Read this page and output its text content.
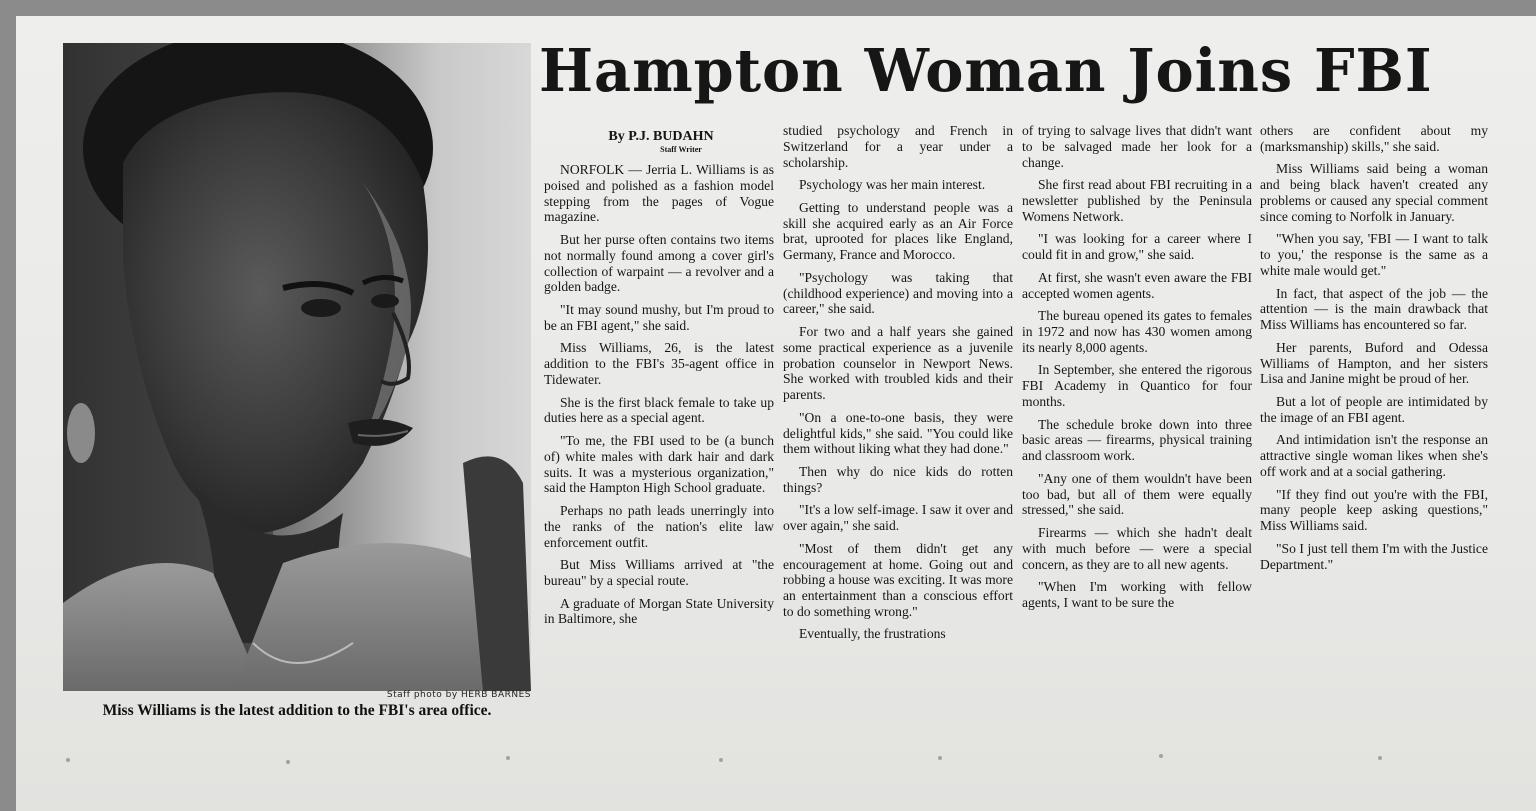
Staff photo by HERB BARNES
Miss Williams is the latest addition to the FBI's area office.
Hampton Woman Joins FBI
By P.J. BUDAHN
Staff Writer

NORFOLK — Jerria L. Williams is as poised and polished as a fashion model stepping from the pages of Vogue magazine.

But her purse often contains two items not normally found among a cover girl's collection of warpaint — a revolver and a golden badge.

"It may sound mushy, but I'm proud to be an FBI agent," she said.

Miss Williams, 26, is the latest addition to the FBI's 35-agent office in Tidewater.

She is the first black female to take up duties here as a special agent.

"To me, the FBI used to be (a bunch of) white males with dark hair and dark suits. It was a mysterious organization," said the Hampton High School graduate.

Perhaps no path leads unerringly into the ranks of the nation's elite law enforcement outfit.

But Miss Williams arrived at "the bureau" by a special route.

A graduate of Morgan State University in Baltimore, she

studied psychology and French in Switzerland for a year under a scholarship.

Psychology was her main interest.

Getting to understand people was a skill she acquired early as an Air Force brat, uprooted for places like England, Germany, France and Morocco.

"Psychology was taking that (childhood experience) and moving into a career," she said.

For two and a half years she gained some practical experience as a juvenile probation counselor in Newport News. She worked with troubled kids and their parents.

"On a one-to-one basis, they were delightful kids," she said. "You could like them without liking what they had done."

Then why do nice kids do rotten things?

"It's a low self-image. I saw it over and over again," she said.

"Most of them didn't get any encouragement at home. Going out and robbing a house was exciting. It was more an entertainment than a conscious effort to do something wrong."

Eventually, the frustrations

of trying to salvage lives that didn't want to be salvaged made her look for a change.

She first read about FBI recruiting in a newsletter published by the Peninsula Womens Network.

"I was looking for a career where I could fit in and grow," she said.

At first, she wasn't even aware the FBI accepted women agents.

The bureau opened its gates to females in 1972 and now has 430 women among its nearly 8,000 agents.

In September, she entered the rigorous FBI Academy in Quantico for four months.

The schedule broke down into three basic areas — firearms, physical training and classroom work.

"Any one of them wouldn't have been too bad, but all of them were equally stressed," she said.

Firearms — which she hadn't dealt with much before — were a special concern, as they are to all new agents.

"When I'm working with fellow agents, I want to be sure the

others are confident about my (marksmanship) skills," she said.

Miss Williams said being a woman and being black haven't created any problems or caused any special comment since coming to Norfolk in January.

"When you say, 'FBI — I want to talk to you,' the response is the same as a white male would get."

In fact, that aspect of the job — the attention — is the main drawback that Miss Williams has encountered so far.

Her parents, Buford and Odessa Williams of Hampton, and her sisters Lisa and Janine might be proud of her.

But a lot of people are intimidated by the image of an FBI agent.

And intimidation isn't the response an attractive single woman likes when she's off work and at a social gathering.

"If they find out you're with the FBI, many people keep asking questions," Miss Williams said.

"So I just tell them I'm with the Justice Department."
